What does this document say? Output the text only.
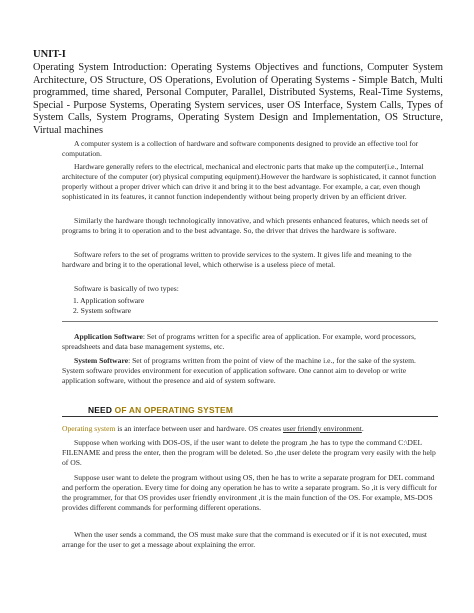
UNIT-I
Operating System Introduction: Operating Systems Objectives and functions, Computer System Architecture, OS Structure, OS Operations, Evolution of Operating Systems - Simple Batch, Multi programmed, time shared, Personal Computer, Parallel, Distributed Systems, Real-Time Systems, Special - Purpose Systems, Operating System services, user OS Interface, System Calls, Types of System Calls, System Programs, Operating System Design and Implementation, OS Structure, Virtual machines

A computer system is a collection of hardware and software components designed to provide an effective tool for computation.

Hardware generally refers to the electrical, mechanical and electronic parts that make up the computer(i.e., Internal architecture of the computer (or) physical computing equipment).However the hardware is sophisticated, it cannot function properly without a proper driver which can drive it and bring it to the best advantage. For example, a car, even though sophisticated in its features, it cannot function independently without being properly driven by an efficient driver.

Similarly the hardware though technologically innovative, and which presents enhanced features, which needs set of programs to bring it to operation and to the best advantage. So, the driver that drives the hardware is software.

Software refers to the set of programs written to provide services to the system. It gives life and meaning to the hardware and bring it to the operational level, which otherwise is a useless piece of metal.

Software is basically of two types:

1. Application software
2. System software

Application Software: Set of programs written for a specific area of application. For example, word processors, spreadsheets and data base management systems, etc.

System Software: Set of programs written from the point of view of the machine i.e., for the sake of the system. System software provides environment for execution of application software. One cannot aim to develop or write application software, without the presence and aid of system software.

NEED OF AN OPERATING SYSTEM

Operating system is an interface between user and hardware. OS creates user friendly environment.

Suppose when working with DOS-OS, if the user want to delete the program ,he has to type the command C:\DEL FILENAME and press the enter, then the program will be deleted. So ,the user delete the program very easily with the help of OS.

Suppose user want to delete the program without using OS, then he has to write a separate program for DEL command and perform the operation. Every time for doing any operation he has to write a separate program. So ,it is very difficult for the programmer, for that OS provides user friendly environment ,it is the main function of the OS. For example, MS-DOS provides different commands for performing different operations.

When the user sends a command, the OS must make sure that the command is executed or if it is not executed, must arrange for the user to get a message about explaining the error.
